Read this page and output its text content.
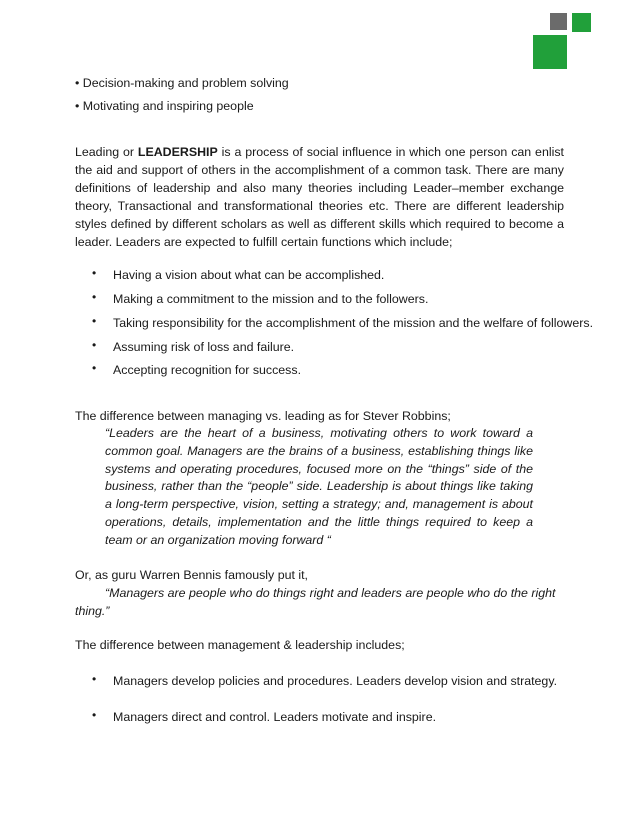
• Decision-making and problem solving
• Motivating and inspiring people
Leading or LEADERSHIP is a process of social influence in which one person can enlist the aid and support of others in the accomplishment of a common task. There are many definitions of leadership and also many theories including Leader–member exchange theory, Transactional and transformational theories etc. There are different leadership styles defined by different scholars as well as different skills which required to become a leader. Leaders are expected to fulfill certain functions which include;
• Having a vision about what can be accomplished.
• Making a commitment to the mission and to the followers.
• Taking responsibility for the accomplishment of the mission and the welfare of followers.
• Assuming risk of loss and failure.
• Accepting recognition for success.
The difference between managing vs. leading as for Stever Robbins;
“Leaders are the heart of a business, motivating others to work toward a common goal. Managers are the brains of a business, establishing things like systems and operating procedures, focused more on the “things” side of the business, rather than the “people” side. Leadership is about things like taking a long-term perspective, vision, setting a strategy; and, management is about operations, details, implementation and the little things required to keep a team or an organization moving forward “
Or, as guru Warren Bennis famously put it,
“Managers are people who do things right and leaders are people who do the right
thing.”
The difference between management & leadership includes;
• Managers develop policies and procedures. Leaders develop vision and strategy.
• Managers direct and control. Leaders motivate and inspire.
